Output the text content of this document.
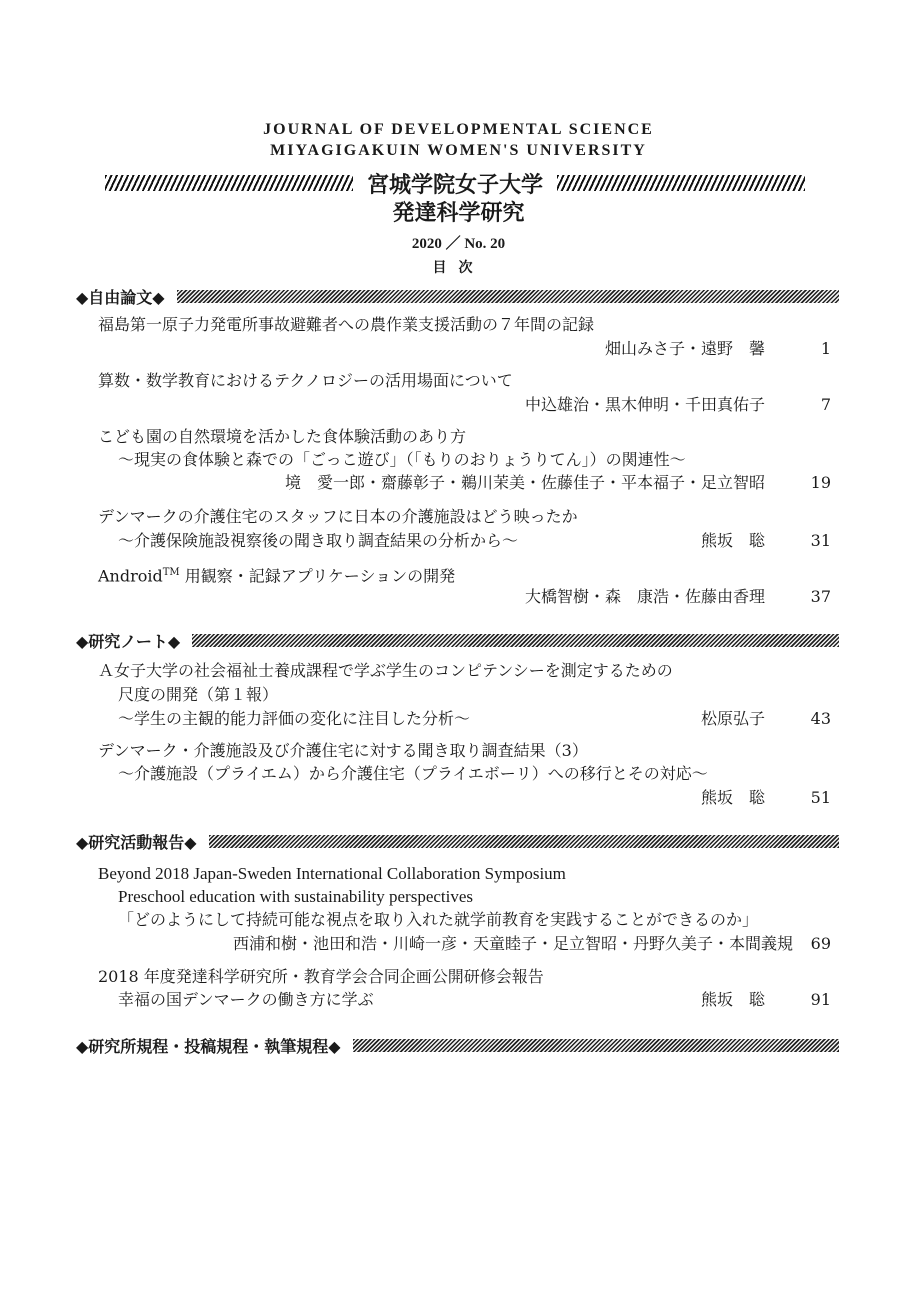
JOURNAL OF DEVELOPMENTAL SCIENCE
MIYAGIGAKUIN WOMEN'S UNIVERSITY
宮城学院女子大学
発達科学研究
2020 ／ No. 20
目次
◆自由論文◆
福島第一原子力発電所事故避難者への農作業支援活動の７年間の記録
畑山みさ子・遠野　馨	1
算数・数学教育におけるテクノロジーの活用場面について
中込雄治・黒木伸明・千田真佑子	7
こども園の自然環境を活かした食体験活動のあり方
～現実の食体験と森での「ごっこ遊び」（「もりのおりょうりてん」）の関連性～
境　愛一郎・齋藤彰子・鵜川茉美・佐藤佳子・平本福子・足立智昭	19
デンマークの介護住宅のスタッフに日本の介護施設はどう映ったか
～介護保険施設視察後の聞き取り調査結果の分析から～	熊坂　聡	31
Android™ 用観察・記録アプリケーションの開発
大橋智樹・森　康浩・佐藤由香理	37
◆研究ノート◆
Ａ女子大学の社会福祉士養成課程で学ぶ学生のコンピテンシーを測定するための
尺度の開発（第１報）
～学生の主観的能力評価の変化に注目した分析～	松原弘子	43
デンマーク・介護施設及び介護住宅に対する聞き取り調査結果（3）
～介護施設（プライエム）から介護住宅（プライエボーリ）への移行とその対応～
熊坂　聡	51
◆研究活動報告◆
Beyond 2018 Japan-Sweden International Collaboration Symposium
Preschool education with sustainability perspectives
「どのようにして持続可能な視点を取り入れた就学前教育を実践することができるのか」
西浦和樹・池田和浩・川崎一彦・天童睦子・足立智昭・丹野久美子・本間義規	69
2018 年度発達科学研究所・教育学会合同企画公開研修会報告
幸福の国デンマークの働き方に学ぶ	熊坂　聡	91
◆研究所規程・投稿規程・執筆規程◆
